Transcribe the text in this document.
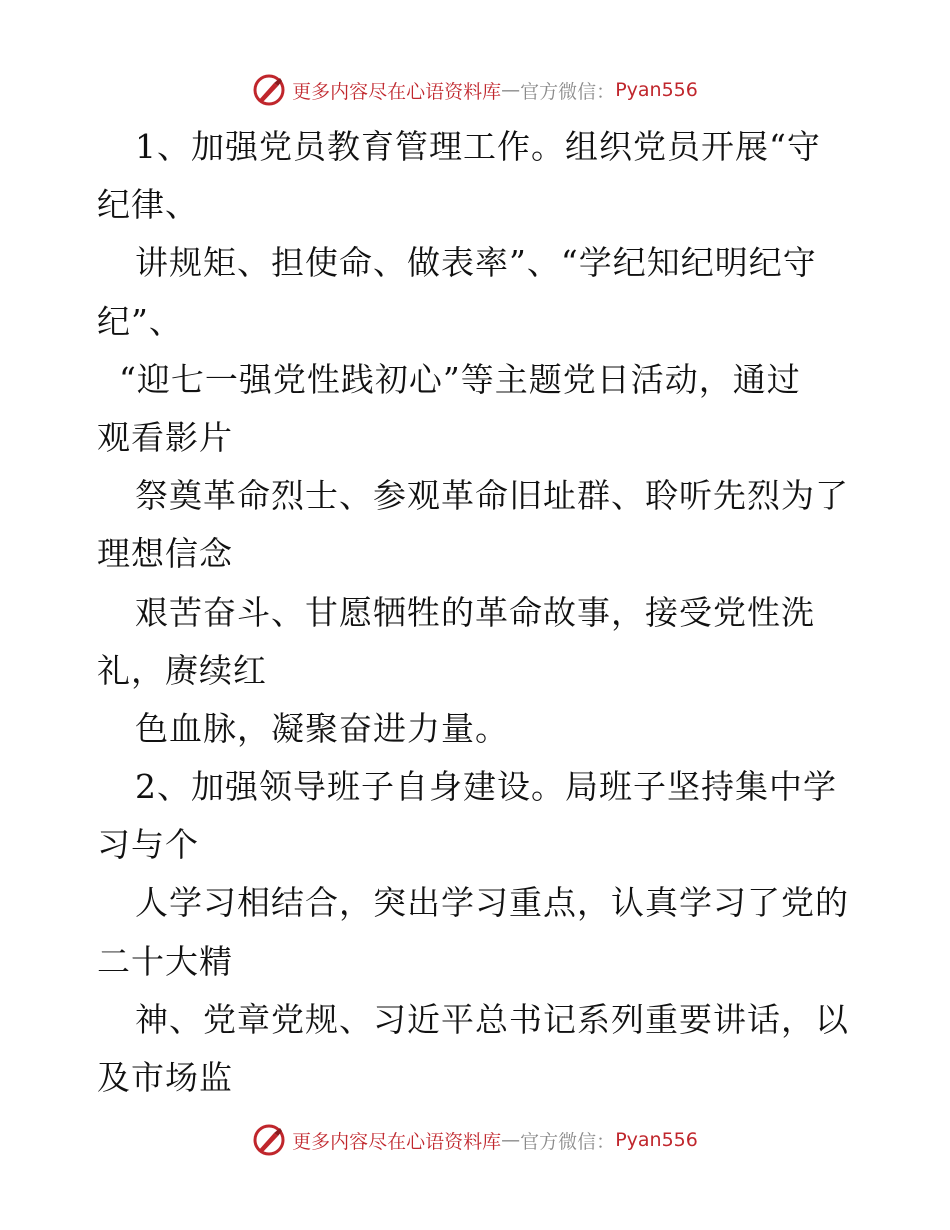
更多内容尽在心语资料库 — 官方微信： Pyan556
1、加强党员教育管理工作。组织党员开展“守
纪律、
讲规矩、担使命、做表率”、“学纪知纪明纪守
纪”、
“迎七一强党性践初心”等主题党日活动，通过
观看影片
祭奠革命烈士、参观革命旧址群、聆听先烈为了
理想信念
艰苦奋斗、甘愿牺牲的革命故事，接受党性洗
礼，赓续红
色血脉，凝聚奋进力量。
2、加强领导班子自身建设。局班子坚持集中学
习与个
人学习相结合，突出学习重点，认真学习了党的
二十大精
神、党章党规、习近平总书记系列重要讲话，以
及市场监
更多内容尽在心语资料库 — 官方微信： Pyan556
